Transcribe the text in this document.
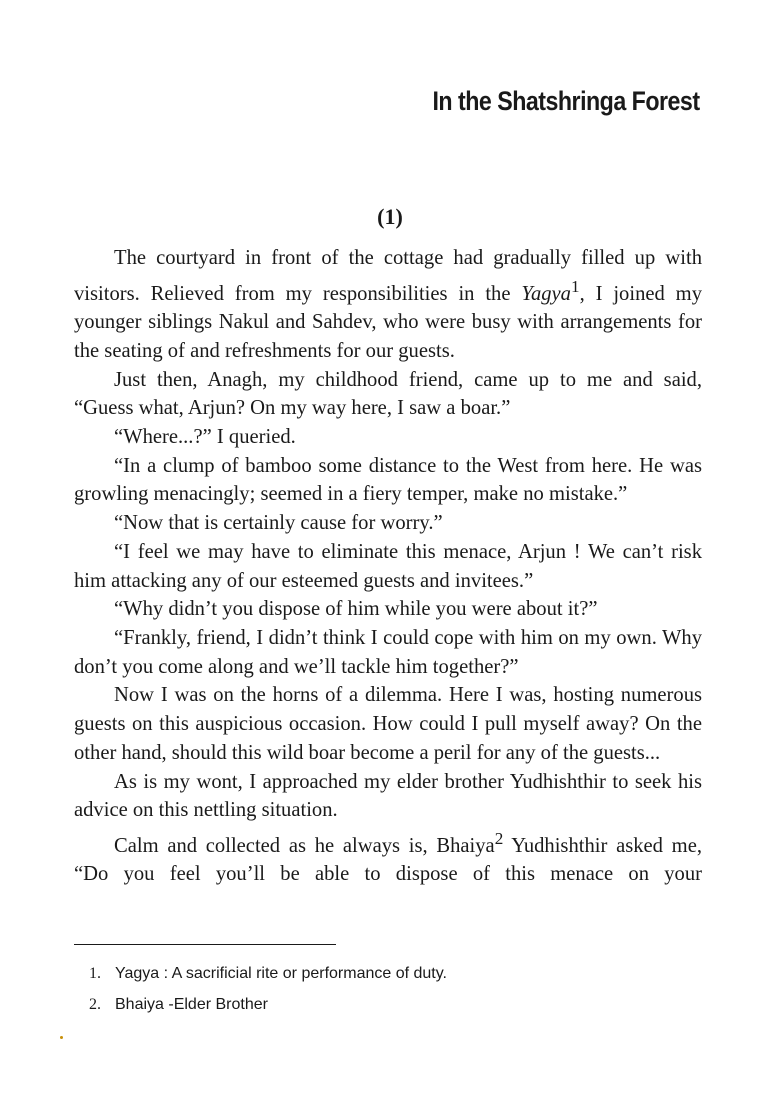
In the Shatshringa Forest
(1)

The courtyard in front of the cottage had gradually filled up with visitors. Relieved from my responsibilities in the Yagya$^1$, I joined my younger siblings Nakul and Sahdev, who were busy with arrangements for the seating of and refreshments for our guests.

Just then, Anagh, my childhood friend, came up to me and said, “Guess what, Arjun? On my way here, I saw a boar.”

“Where...?” I queried.

“In a clump of bamboo some distance to the West from here. He was growling menacingly; seemed in a fiery temper, make no mistake.”

“Now that is certainly cause for worry.”

“I feel we may have to eliminate this menace, Arjun ! We can’t risk him attacking any of our esteemed guests and invitees.”

“Why didn’t you dispose of him while you were about it?”

“Frankly, friend, I didn’t think I could cope with him on my own. Why don’t you come along and we’ll tackle him together?”

Now I was on the horns of a dilemma. Here I was, hosting numerous guests on this auspicious occasion. How could I pull myself away? On the other hand, should this wild boar become a peril for any of the guests...

As is my wont, I approached my elder brother Yudhishthir to seek his advice on this nettling situation.

Calm and collected as he always is, Bhaiya$^2$ Yudhishthir asked me, “Do you feel you’ll be able to dispose of this menace on your

1. Yagya : A sacrificial rite or performance of duty.
2. Bhaiya -Elder Brother
